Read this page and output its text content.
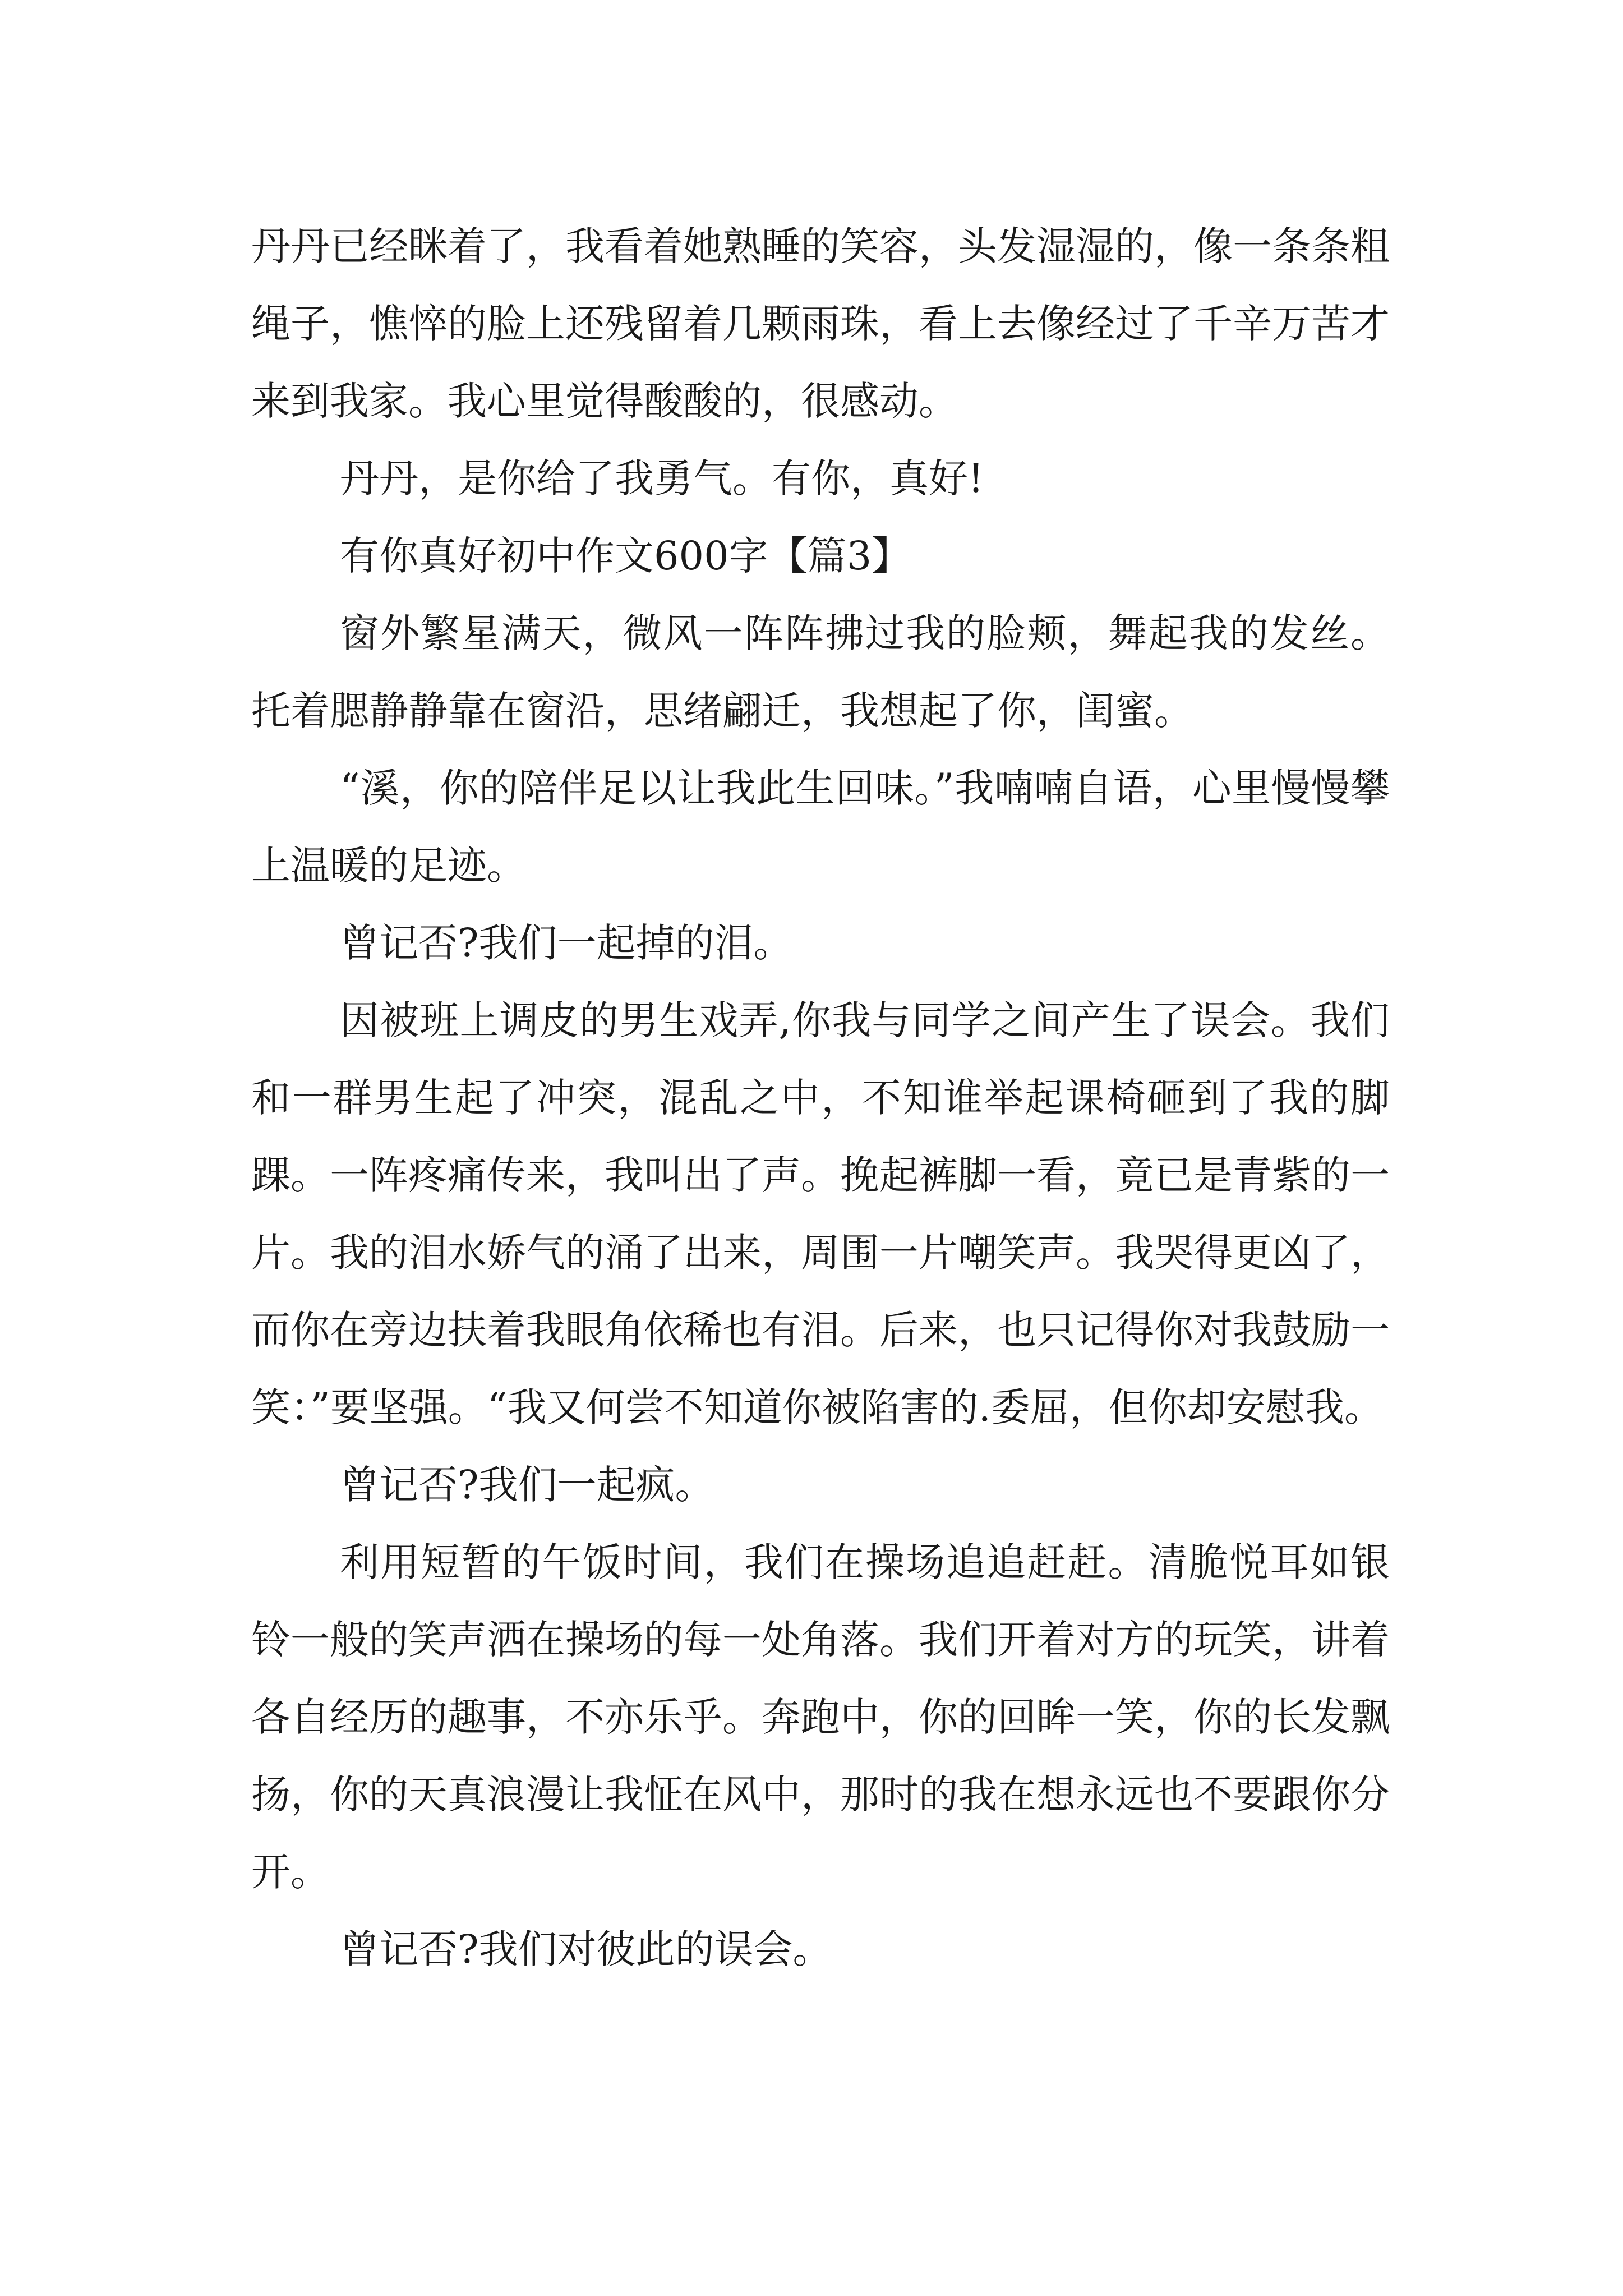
丹丹已经眯着了，我看着她熟睡的笑容，头发湿湿的，像一条条粗绳子，憔悴的脸上还残留着几颗雨珠，看上去像经过了千辛万苦才来到我家。我心里觉得酸酸的，很感动。

丹丹，是你给了我勇气。有你，真好!

有你真好初中作文600字【篇3】

窗外繁星满天，微风一阵阵拂过我的脸颊，舞起我的发丝。托着腮静静靠在窗沿，思绪翩迁，我想起了你，闺蜜。

“溪，你的陪伴足以让我此生回味。”我喃喃自语，心里慢慢攀上温暖的足迹。

曾记否?我们一起掉的泪。

因被班上调皮的男生戏弄,你我与同学之间产生了误会。我们和一群男生起了冲突，混乱之中，不知谁举起课椅砸到了我的脚踝。一阵疼痛传来，我叫出了声。挽起裤脚一看，竟已是青紫的一片。我的泪水娇气的涌了出来，周围一片嘲笑声。我哭得更凶了，而你在旁边扶着我眼角依稀也有泪。后来，也只记得你对我鼓励一笑：”要坚强。“我又何尝不知道你被陷害的.委屈，但你却安慰我。

曾记否?我们一起疯。

利用短暂的午饭时间，我们在操场追追赶赶。清脆悦耳如银铃一般的笑声洒在操场的每一处角落。我们开着对方的玩笑，讲着各自经历的趣事，不亦乐乎。奔跑中，你的回眸一笑，你的长发飘扬，你的天真浪漫让我怔在风中，那时的我在想永远也不要跟你分开。

曾记否?我们对彼此的误会。
